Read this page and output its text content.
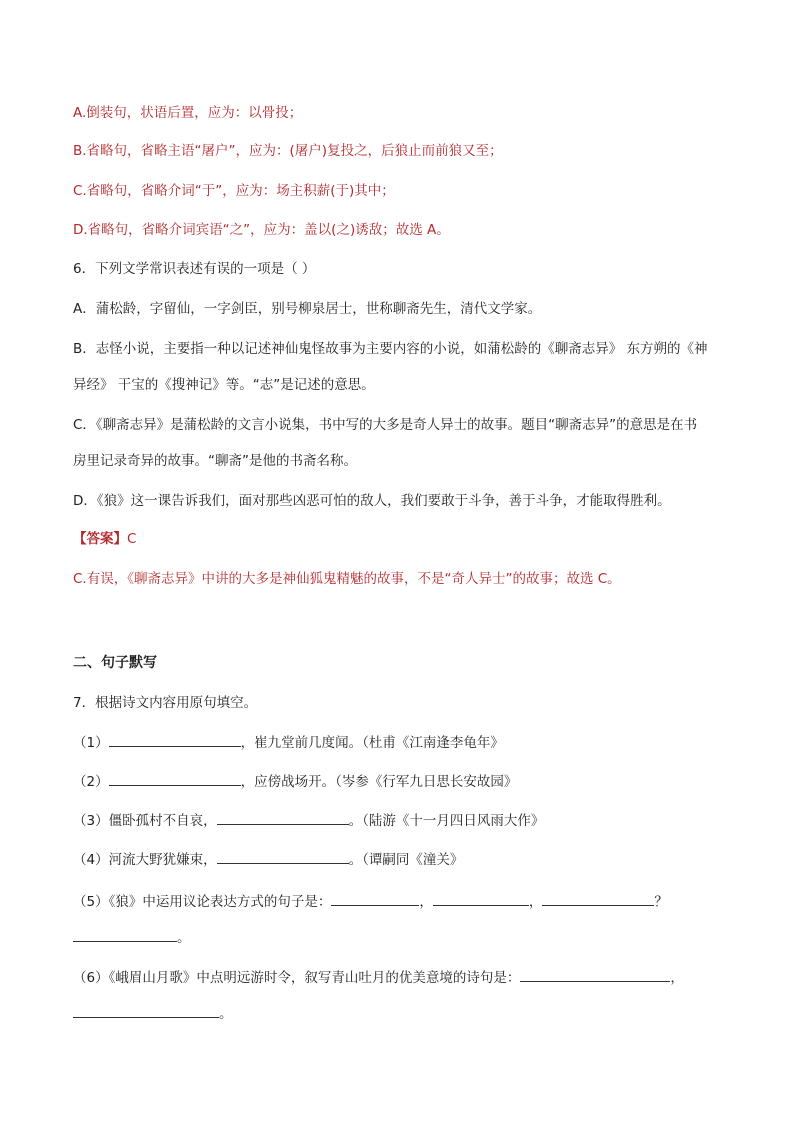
A.倒装句，状语后置，应为：以骨投；
B.省略句，省略主语“屠户”，应为：(屠户)复投之，后狼止而前狼又至；
C.省略句，省略介词“于”，应为：场主积薪(于)其中；
D.省略句，省略介词宾语“之”，应为：盖以(之)诱敌；故选 A。
6．下列文学常识表述有误的一项是（ ）
A．蒲松龄，字留仙，一字剑臣，别号柳泉居士，世称聊斋先生，清代文学家。
B．志怪小说，主要指一种以记述神仙鬼怪故事为主要内容的小说，如蒲松龄的《聊斋志异》 东方朔的《神
异经》 干宝的《搜神记》等。“志”是记述的意思。
C．《聊斋志异》是蒲松龄的文言小说集，书中写的大多是奇人异士的故事。题目“聊斋志异”的意思是在书
房里记录奇异的故事。“聊斋”是他的书斋名称。
D．《狼》这一课告诉我们，面对那些凶恶可怕的敌人，我们要敢于斗争，善于斗争，才能取得胜利。
【答案】C
C.有误，《聊斋志异》中讲的大多是神仙狐鬼精魅的故事，不是“奇人异士”的故事；故选 C。
二、句子默写
7．根据诗文内容用原句填空。
（1）	，崔九堂前几度闻。（杜甫《江南逢李龟年》
（2）	，应傍战场开。（岑参《行军九日思长安故园》
（3）僵卧孤村不自哀，	。（陆游《十一月四日风雨大作》
（4）河流大野犹嫌束，	。（谭嗣同《潼关》
（5）《狼》中运用议论表达方式的句子是：	，	，	？
。
（6）《峨眉山月歌》中点明远游时令，叙写青山吐月的优美意境的诗句是：	，
。
